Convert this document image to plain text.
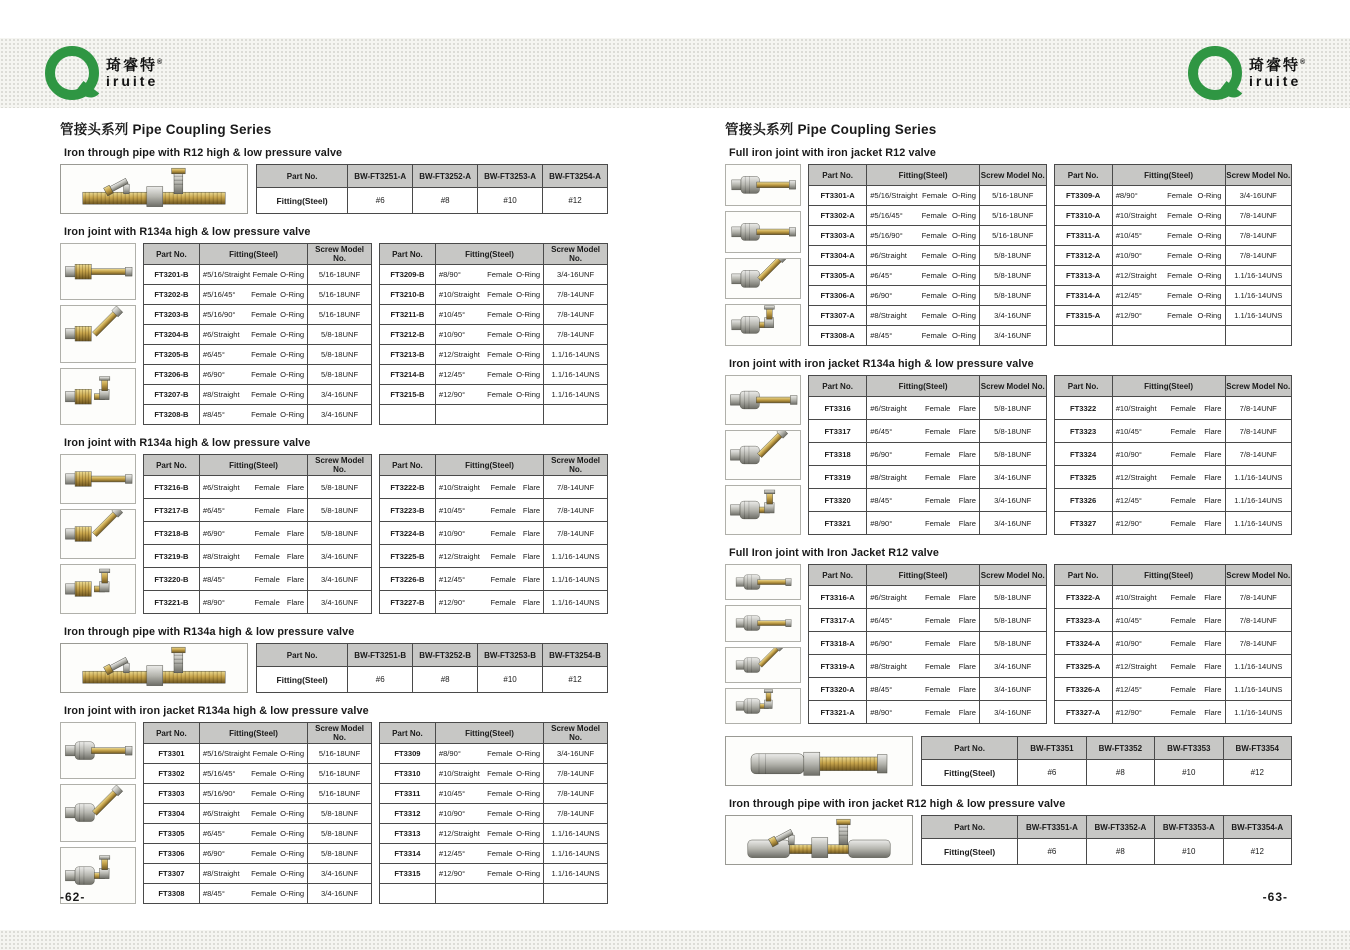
琦睿特®
iruite
琦睿特®
iruite
管接头系列 Pipe Coupling Series
Iron through pipe with R12 high & low pressure valve
Part No.	BW-FT3251-A	BW-FT3252-A	BW-FT3253-A	BW-FT3254-A
Fitting(Steel)	#6	#8	#10	#12
Iron joint with R134a high & low pressure valve
Part No.	Fitting(Steel)	Screw Model No.
FT3201-B	#5/16/Straight Female O-Ring	5/16-18UNF
FT3202-B	#5/16/45° Female O-Ring	5/16-18UNF
FT3203-B	#5/16/90° Female O-Ring	5/16-18UNF
FT3204-B	#6/Straight Female O-Ring	5/8-18UNF
FT3205-B	#6/45° Female O-Ring	5/8-18UNF
FT3206-B	#6/90° Female O-Ring	5/8-18UNF
FT3207-B	#8/Straight Female O-Ring	3/4-16UNF
FT3208-B	#8/45° Female O-Ring	3/4-16UNF
Part No.	Fitting(Steel)	Screw Model No.
FT3209-B	#8/90° Female O-Ring	3/4-16UNF
FT3210-B	#10/Straight Female O-Ring	7/8-14UNF
FT3211-B	#10/45° Female O-Ring	7/8-14UNF
FT3212-B	#10/90° Female O-Ring	7/8-14UNF
FT3213-B	#12/Straight Female O-Ring	1.1/16-14UNS
FT3214-B	#12/45° Female O-Ring	1.1/16-14UNS
FT3215-B	#12/90° Female O-Ring	1.1/16-14UNS

Iron joint with R134a high & low pressure valve
Part No.	Fitting(Steel)	Screw Model No.
FT3216-B	#6/Straight Female Flare	5/8-18UNF
FT3217-B	#6/45° Female Flare	5/8-18UNF
FT3218-B	#6/90° Female Flare	5/8-18UNF
FT3219-B	#8/Straight Female Flare	3/4-16UNF
FT3220-B	#8/45° Female Flare	3/4-16UNF
FT3221-B	#8/90° Female Flare	3/4-16UNF
Part No.	Fitting(Steel)	Screw Model No.
FT3222-B	#10/Straight Female Flare	7/8-14UNF
FT3223-B	#10/45° Female Flare	7/8-14UNF
FT3224-B	#10/90° Female Flare	7/8-14UNF
FT3225-B	#12/Straight Female Flare	1.1/16-14UNS
FT3226-B	#12/45° Female Flare	1.1/16-14UNS
FT3227-B	#12/90° Female Flare	1.1/16-14UNS
Iron through pipe with R134a high & low pressure valve
Part No.	BW-FT3251-B	BW-FT3252-B	BW-FT3253-B	BW-FT3254-B
Fitting(Steel)	#6	#8	#10	#12
Iron joint with iron jacket R134a high & low pressure valve
Part No.	Fitting(Steel)	Screw Model No.
FT3301	#5/16/Straight Female O-Ring	5/16-18UNF
FT3302	#5/16/45° Female O-Ring	5/16-18UNF
FT3303	#5/16/90° Female O-Ring	5/16-18UNF
FT3304	#6/Straight Female O-Ring	5/8-18UNF
FT3305	#6/45° Female O-Ring	5/8-18UNF
FT3306	#6/90° Female O-Ring	5/8-18UNF
FT3307	#8/Straight Female O-Ring	3/4-16UNF
FT3308	#8/45° Female O-Ring	3/4-16UNF
Part No.	Fitting(Steel)	Screw Model No.
FT3309	#8/90° Female O-Ring	3/4-16UNF
FT3310	#10/Straight Female O-Ring	7/8-14UNF
FT3311	#10/45° Female O-Ring	7/8-14UNF
FT3312	#10/90° Female O-Ring	7/8-14UNF
FT3313	#12/Straight Female O-Ring	1.1/16-14UNS
FT3314	#12/45° Female O-Ring	1.1/16-14UNS
FT3315	#12/90° Female O-Ring	1.1/16-14UNS

-62-
管接头系列 Pipe Coupling Series
Full iron joint with iron jacket R12 valve
Part No.	Fitting(Steel)	Screw Model No.
FT3301-A	#5/16/Straight Female O-Ring	5/16-18UNF
FT3302-A	#5/16/45° Female O-Ring	5/16-18UNF
FT3303-A	#5/16/90° Female O-Ring	5/16-18UNF
FT3304-A	#6/Straight Female O-Ring	5/8-18UNF
FT3305-A	#6/45° Female O-Ring	5/8-18UNF
FT3306-A	#6/90° Female O-Ring	5/8-18UNF
FT3307-A	#8/Straight Female O-Ring	3/4-16UNF
FT3308-A	#8/45° Female O-Ring	3/4-16UNF
Part No.	Fitting(Steel)	Screw Model No.
FT3309-A	#8/90° Female O-Ring	3/4-16UNF
FT3310-A	#10/Straight Female O-Ring	7/8-14UNF
FT3311-A	#10/45° Female O-Ring	7/8-14UNF
FT3312-A	#10/90° Female O-Ring	7/8-14UNF
FT3313-A	#12/Straight Female O-Ring	1.1/16-14UNS
FT3314-A	#12/45° Female O-Ring	1.1/16-14UNS
FT3315-A	#12/90° Female O-Ring	1.1/16-14UNS

Iron joint with iron jacket R134a high & low pressure valve
Part No.	Fitting(Steel)	Screw Model No.
FT3316	#6/Straight Female Flare	5/8-18UNF
FT3317	#6/45° Female Flare	5/8-18UNF
FT3318	#6/90° Female Flare	5/8-18UNF
FT3319	#8/Straight Female Flare	3/4-16UNF
FT3320	#8/45° Female Flare	3/4-16UNF
FT3321	#8/90° Female Flare	3/4-16UNF
Part No.	Fitting(Steel)	Screw Model No.
FT3322	#10/Straight Female Flare	7/8-14UNF
FT3323	#10/45° Female Flare	7/8-14UNF
FT3324	#10/90° Female Flare	7/8-14UNF
FT3325	#12/Straight Female Flare	1.1/16-14UNS
FT3326	#12/45° Female Flare	1.1/16-14UNS
FT3327	#12/90° Female Flare	1.1/16-14UNS
Full Iron joint with Iron Jacket R12 valve
Part No.	Fitting(Steel)	Screw Model No.
FT3316-A	#6/Straight Female Flare	5/8-18UNF
FT3317-A	#6/45° Female Flare	5/8-18UNF
FT3318-A	#6/90° Female Flare	5/8-18UNF
FT3319-A	#8/Straight Female Flare	3/4-16UNF
FT3320-A	#8/45° Female Flare	3/4-16UNF
FT3321-A	#8/90° Female Flare	3/4-16UNF
Part No.	Fitting(Steel)	Screw Model No.
FT3322-A	#10/Straight Female Flare	7/8-14UNF
FT3323-A	#10/45° Female Flare	7/8-14UNF
FT3324-A	#10/90° Female Flare	7/8-14UNF
FT3325-A	#12/Straight Female Flare	1.1/16-14UNS
FT3326-A	#12/45° Female Flare	1.1/16-14UNS
FT3327-A	#12/90° Female Flare	1.1/16-14UNS
Part No.	BW-FT3351	BW-FT3352	BW-FT3353	BW-FT3354
Fitting(Steel)	#6	#8	#10	#12
Iron through pipe with iron jacket R12 high & low pressure valve
Part No.	BW-FT3351-A	BW-FT3352-A	BW-FT3353-A	BW-FT3354-A
Fitting(Steel)	#6	#8	#10	#12
-63-
